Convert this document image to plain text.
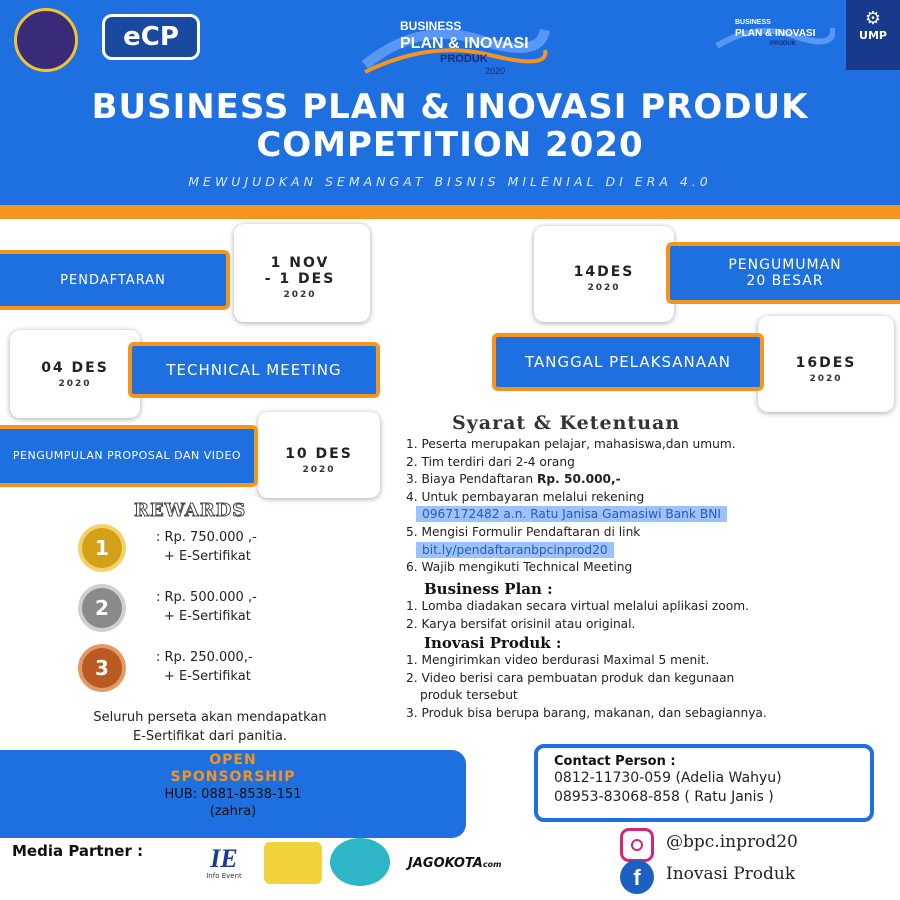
eCP	BUSINESS
PLAN & INOVASI
PRODUK
2020
BUSINESS
PLAN & INOVASI
PRODUK
⚙
UMP
BUSINESS PLAN & INOVASI PRODUK
COMPETITION 2020
MEWUJUDKAN SEMANGAT BISNIS MILENIAL DI ERA 4.0
PENDAFTARAN
1 NOV
- 1 DES
2020
04 DES
2020
TECHNICAL MEETING
PENGUMPULAN PROPOSAL DAN VIDEO	10 DES
2020
14DES
2020
PENGUMUMAN
20 BESAR
TANGGAL PELAKSANAAN	16DES
2020
Syarat & Ketentuan
1. Peserta merupakan pelajar, mahasiswa,dan umum.
2. Tim terdiri dari 2-4 orang
3. Biaya Pendaftaran Rp. 50.000,-
4. Untuk pembayaran melalui rekening
0967172482 a.n. Ratu Janisa Gamasiwi Bank BNI
5. Mengisi Formulir Pendaftaran di link
bit.ly/pendaftaranbpcinprod20
6. Wajib mengikuti Technical Meeting
Business Plan :
1. Lomba diadakan secara virtual melalui aplikasi zoom.
2. Karya bersifat orisinil atau original.
Inovasi Produk :
1. Mengirimkan video berdurasi Maximal 5 menit.
2. Video berisi cara pembuatan produk dan kegunaan
produk tersebut
3. Produk bisa berupa barang, makanan, dan sebagiannya.
REWARDS
1	: Rp. 750.000 ,-
+ E-Sertifikat
2	: Rp. 500.000 ,-
+ E-Sertifikat
3	: Rp. 250.000,-
+ E-Sertifikat
Seluruh perseta akan mendapatkan
E-Sertifikat dari panitia.
OPEN
SPONSORSHIP
HUB: 0881-8538-151
(zahra)
Contact Person :
0812-11730-059 (Adelia Wahyu)
08953-83068-858 ( Ratu Janis )
Media Partner :	IE
Info Event
JAGOKOTAcom
@bpc.inprod20
f	Inovasi Produk
